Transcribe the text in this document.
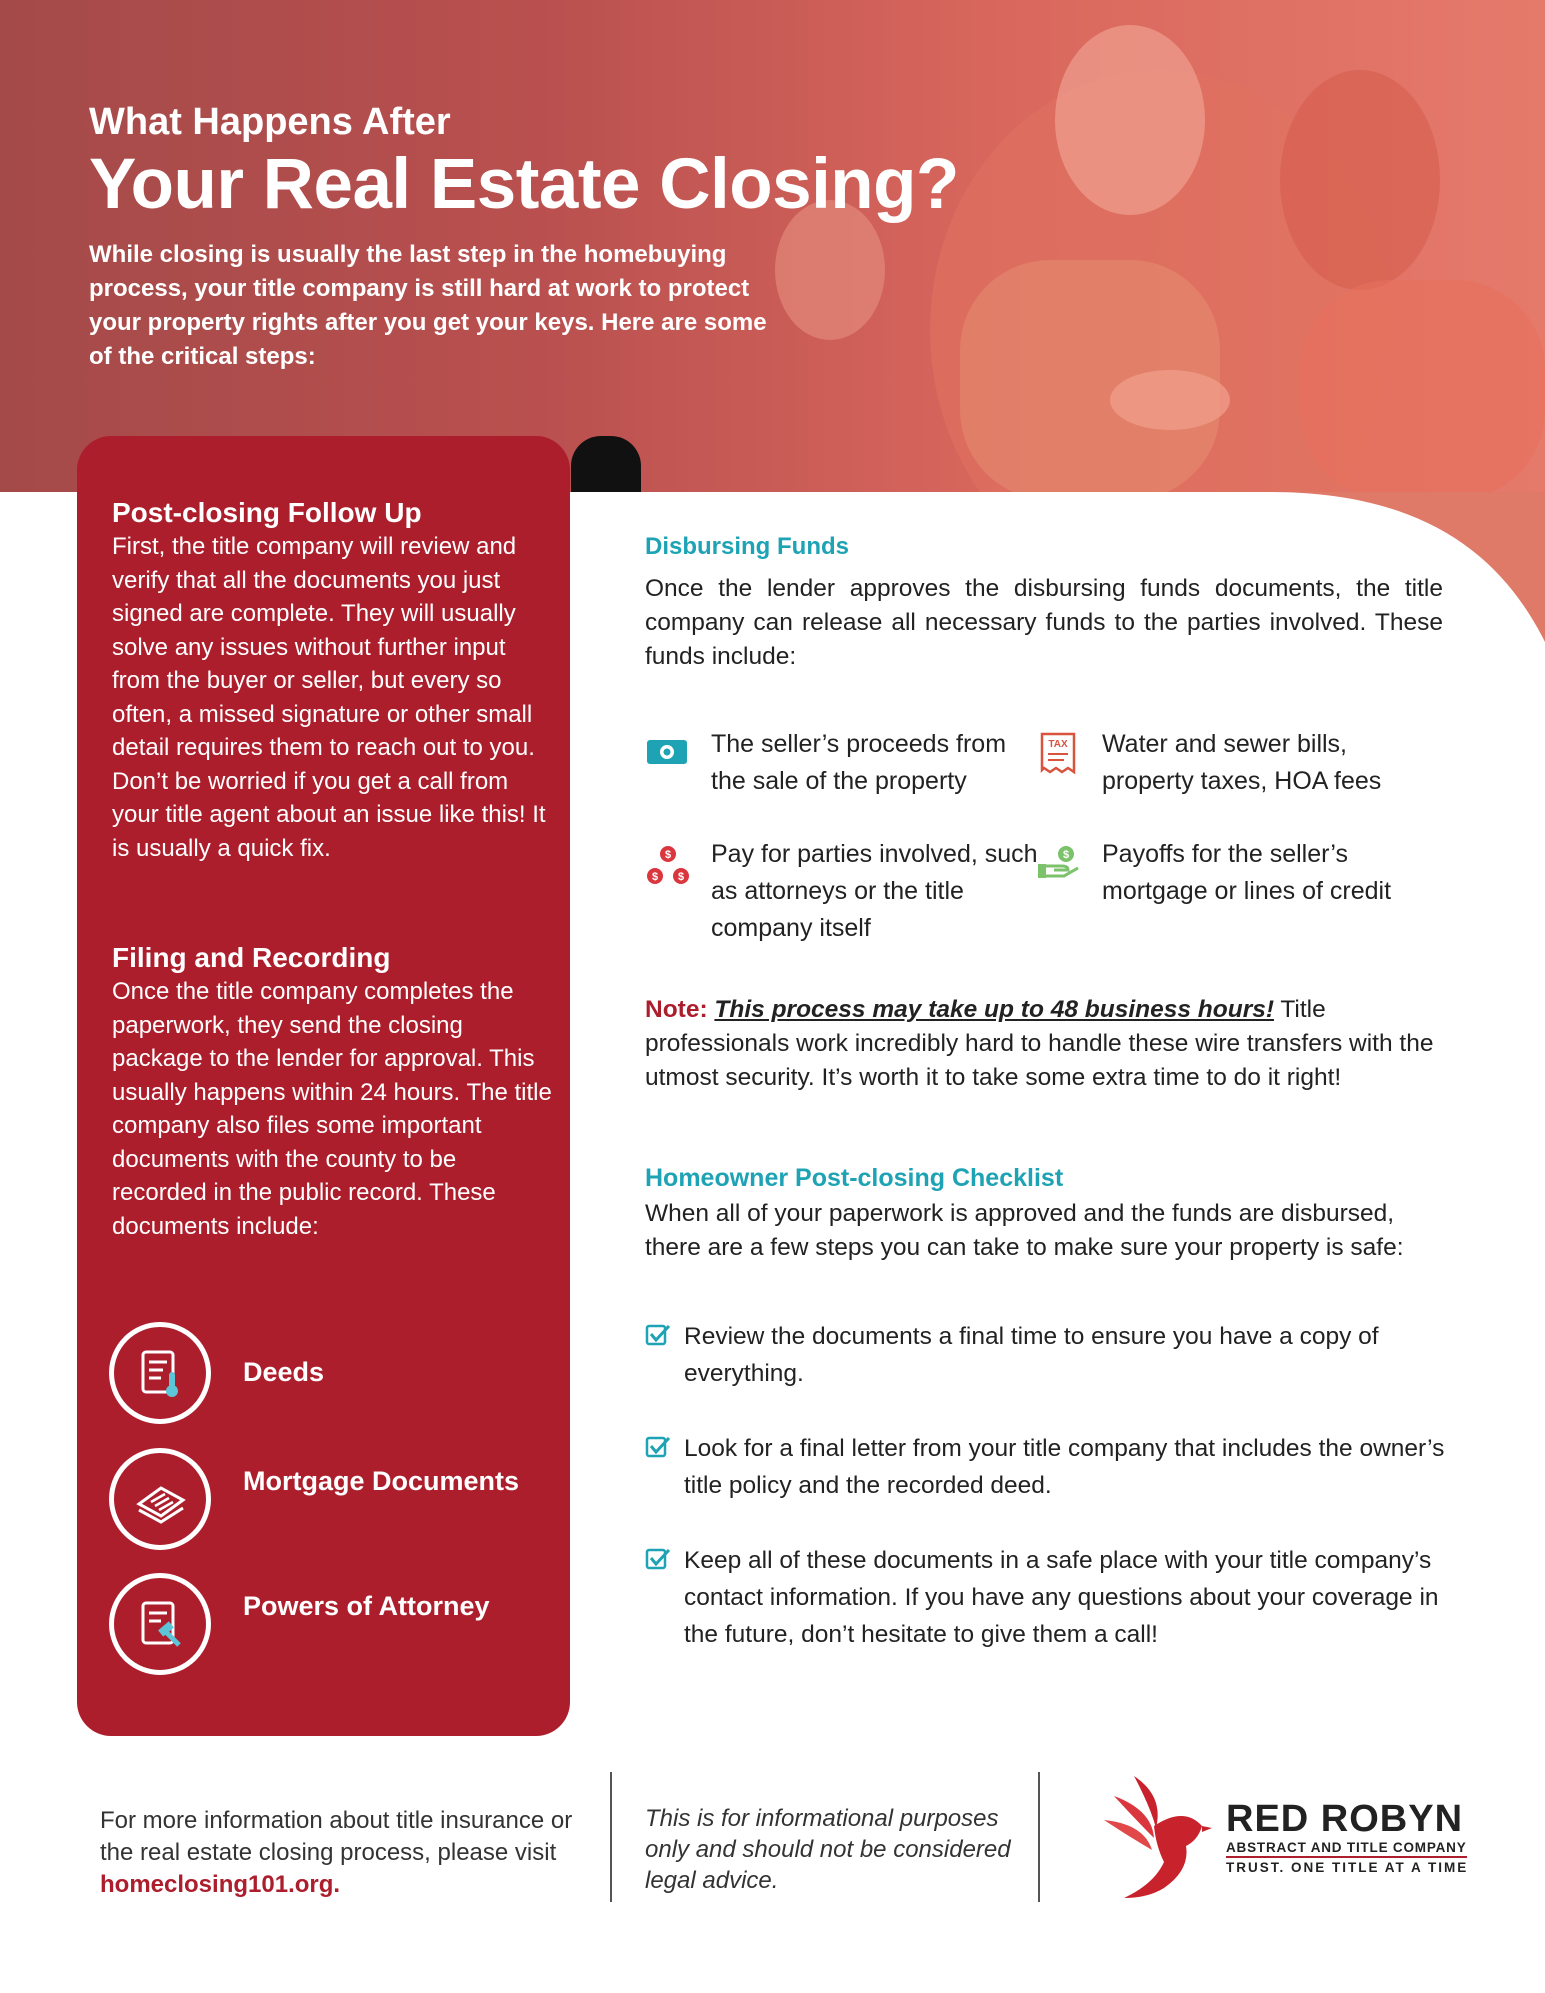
What Happens After
Your Real Estate Closing?
While closing is usually the last step in the homebuying process, your title company is still hard at work to protect your property rights after you get your keys. Here are some of the critical steps:
Post-closing Follow Up
First, the title company will review and verify that all the documents you just signed are complete. They will usually solve any issues without further input from the buyer or seller, but every so often, a missed signature or other small detail requires them to reach out to you. Don’t be worried if you get a call from your title agent about an issue like this! It is usually a quick fix.
Filing and Recording
Once the title company completes the paperwork, they send the closing package to the lender for approval. This usually happens within 24 hours. The title company also files some important documents with the county to be recorded in the public record. These documents include:
Deeds
Mortgage Documents
Powers of Attorney
Disbursing Funds
Once the lender approves the disbursing funds documents, the title company can release all necessary funds to the parties involved. These funds include:
The seller’s proceeds from the sale of the property
TAX Water and sewer bills, property taxes, HOA fees
$
$ $
Pay for parties involved, such as attorneys or the title company itself
$ Payoffs for the seller’s mortgage or lines of credit
Note: This process may take up to 48 business hours! Title professionals work incredibly hard to handle these wire transfers with the utmost security. It’s worth it to take some extra time to do it right!
Homeowner Post-closing Checklist
When all of your paperwork is approved and the funds are disbursed, there are a few steps you can take to make sure your property is safe:
Review the documents a final time to ensure you have a copy of everything.
Look for a final letter from your title company that includes the owner’s title policy and the recorded deed.
Keep all of these documents in a safe place with your title company’s contact information. If you have any questions about your coverage in the future, don’t hesitate to give them a call!
For more information about title insurance or the real estate closing process, please visit homeclosing101.org.
This is for informational purposes only and should not be considered legal advice.
RED ROBYN
ABSTRACT AND TITLE COMPANY
TRUST. ONE TITLE AT A TIME
